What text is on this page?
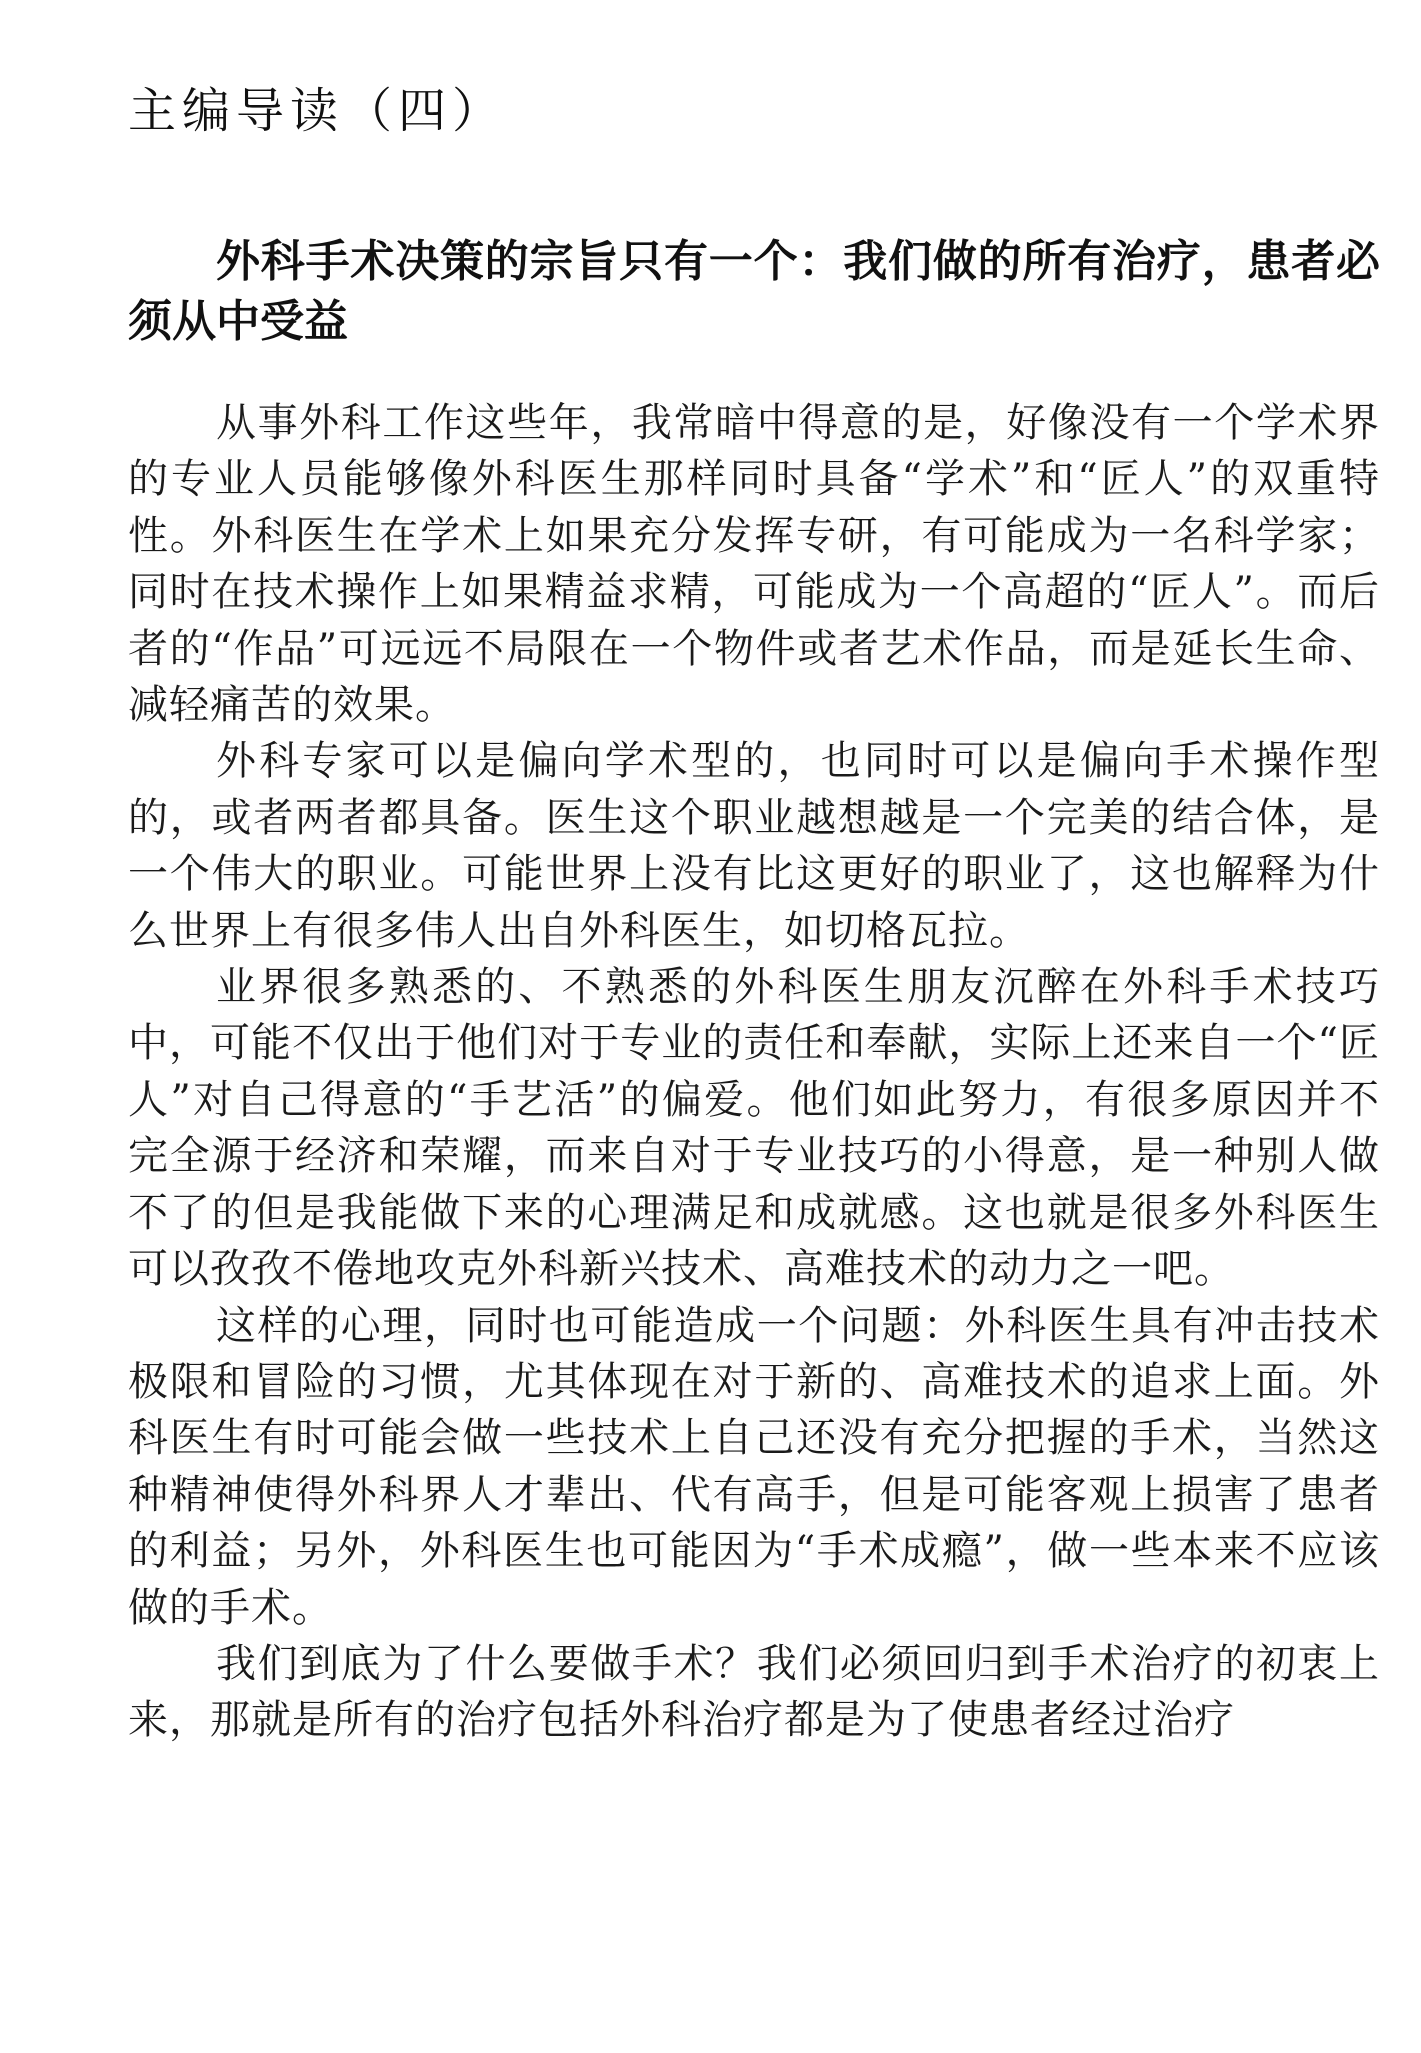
主编导读（四）
外科手术决策的宗旨只有一个：我们做的所有治疗，患者必须从中受益

从事外科工作这些年，我常暗中得意的是，好像没有一个学术界的专业人员能够像外科医生那样同时具备“学术”和“匠人”的双重特性。外科医生在学术上如果充分发挥专研，有可能成为一名科学家；同时在技术操作上如果精益求精，可能成为一个高超的“匠人”。而后者的“作品”可远远不局限在一个物件或者艺术作品，而是延长生命、减轻痛苦的效果。

外科专家可以是偏向学术型的，也同时可以是偏向手术操作型的，或者两者都具备。医生这个职业越想越是一个完美的结合体，是一个伟大的职业。可能世界上没有比这更好的职业了，这也解释为什么世界上有很多伟人出自外科医生，如切格瓦拉。

业界很多熟悉的、不熟悉的外科医生朋友沉醉在外科手术技巧中，可能不仅出于他们对于专业的责任和奉献，实际上还来自一个“匠人”对自己得意的“手艺活”的偏爱。他们如此努力，有很多原因并不完全源于经济和荣耀，而来自对于专业技巧的小得意，是一种别人做不了的但是我能做下来的心理满足和成就感。这也就是很多外科医生可以孜孜不倦地攻克外科新兴技术、高难技术的动力之一吧。

这样的心理，同时也可能造成一个问题：外科医生具有冲击技术极限和冒险的习惯，尤其体现在对于新的、高难技术的追求上面。外科医生有时可能会做一些技术上自己还没有充分把握的手术，当然这种精神使得外科界人才辈出、代有高手，但是可能客观上损害了患者的利益；另外，外科医生也可能因为“手术成瘾”，做一些本来不应该做的手术。

我们到底为了什么要做手术？我们必须回归到手术治疗的初衷上来，那就是所有的治疗包括外科治疗都是为了使患者经过治疗
